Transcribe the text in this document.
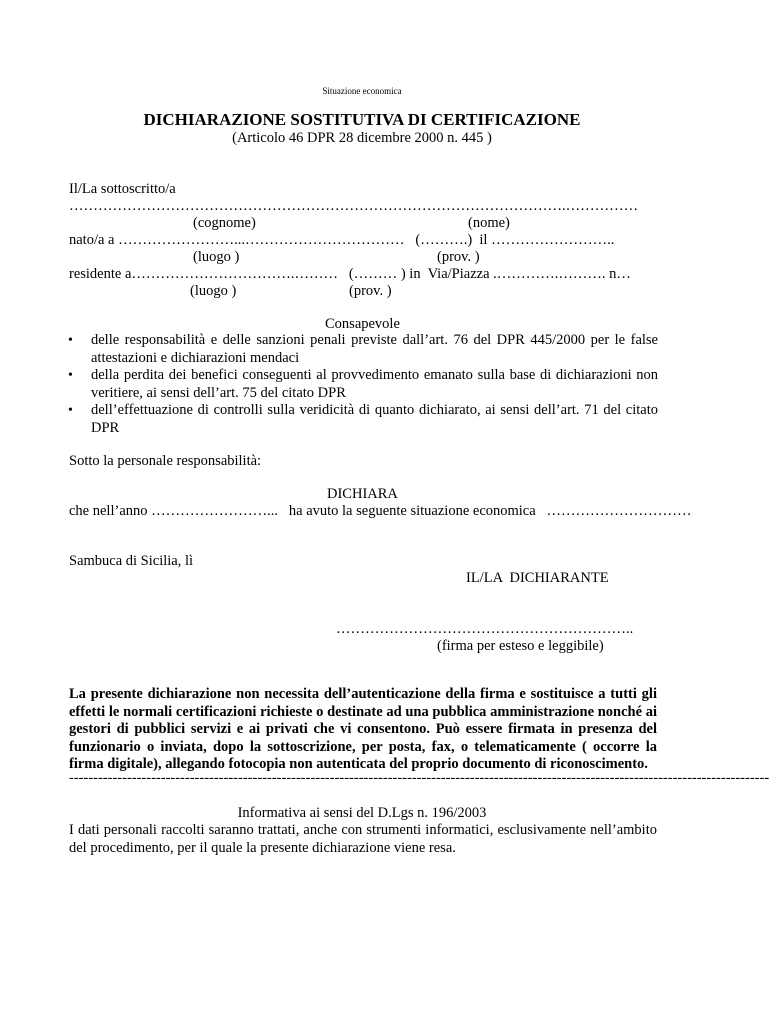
Situazione economica
DICHIARAZIONE SOSTITUTIVA DI CERTIFICAZIONE
(Articolo 46 DPR 28 dicembre 2000 n. 445 )
Il/La sottoscritto/a
………………………………………………………………………………………….……………
(cognome)	(nome)
nato/a a ……………………...……………………………   (……….)  il ……………………..
(luogo )	(prov. )
residente a…………………………….………   (……… ) in  Via/Piazza .………….………. n…
(luogo )	(prov. )
Consapevole
• delle responsabilità e delle sanzioni penali previste dall’art. 76 del DPR 445/2000 per le false attestazioni e dichiarazioni mendaci
• della perdita dei benefici conseguenti al provvedimento emanato sulla base di dichiarazioni non veritiere, ai sensi dell’art. 75 del citato DPR
• dell’effettuazione di controlli sulla veridicità di quanto dichiarato, ai sensi dell’art. 71 del citato DPR
Sotto la personale responsabilità:
DICHIARA
che nell’anno ……………………...   ha avuto la seguente situazione economica   …………………………
Sambuca di Sicilia, lì
IL/LA  DICHIARANTE
……………………………………………………..
(firma per esteso e leggibile)
La presente dichiarazione non necessita dell’autenticazione della firma e sostituisce a tutti gli effetti le normali certificazioni richieste o destinate ad una pubblica amministrazione nonché ai gestori di pubblici servizi e ai privati che vi consentono. Può essere firmata in presenza del funzionario o inviata, dopo la sottoscrizione, per posta, fax, o telematicamente ( occorre la firma digitale), allegando fotocopia non autenticata del proprio documento di riconoscimento.
-------------------------------------------------------------------------------------------------------------------------------------------------
Informativa ai sensi del D.Lgs n. 196/2003
I dati personali raccolti saranno trattati, anche con strumenti informatici, esclusivamente nell’ambito del procedimento, per il quale la presente dichiarazione viene resa.
